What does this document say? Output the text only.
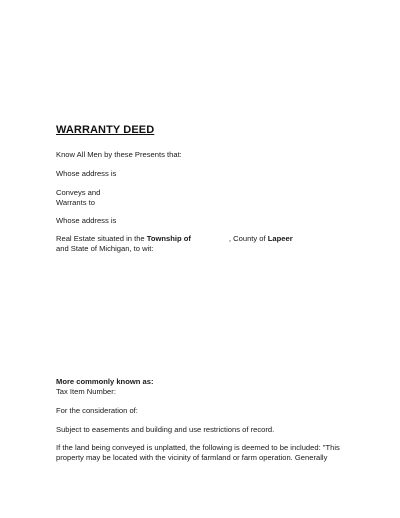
WARRANTY DEED
Know All Men by these Presents that:
Whose address is
Conveys and
Warrants to
Whose address is
Real Estate situated in the Township of	, County of Lapeer
and State of Michigan, to wit:
More commonly known as:
Tax Item Number:
For the consideration of:
Subject to easements and building and use restrictions of record.
If the land being conveyed is unplatted, the following is deemed to be included: "This
property may be located with the vicinity of farmland or farm operation. Generally
